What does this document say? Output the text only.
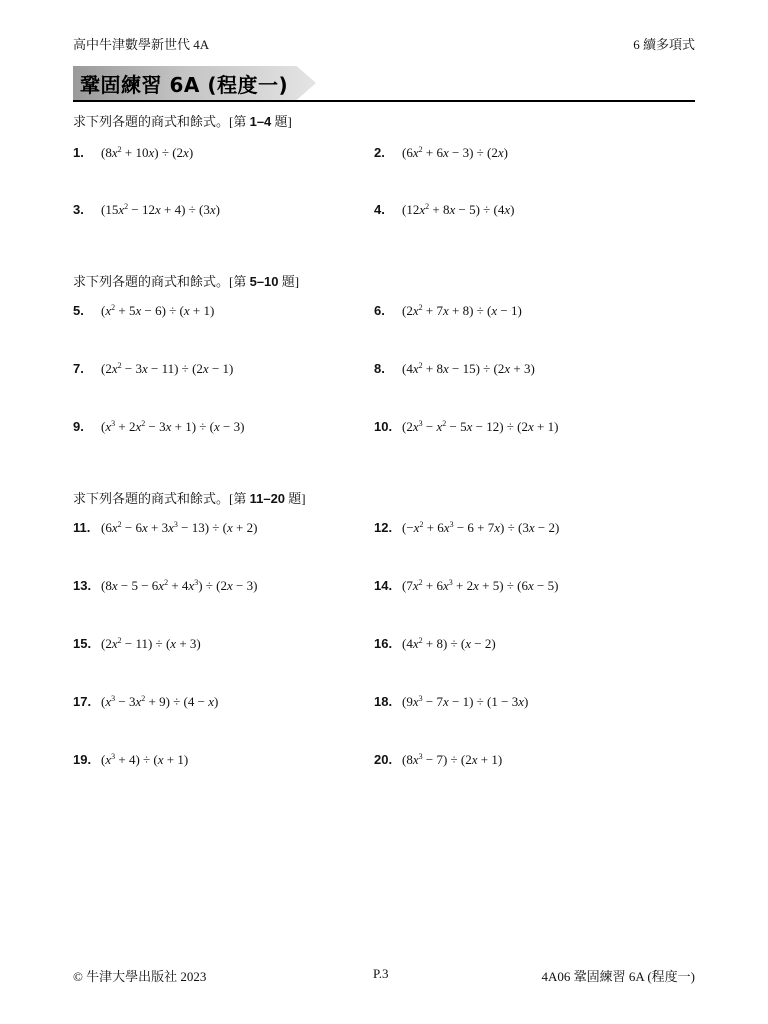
高中牛津數學新世代 4A	6 續多項式
鞏固練習 6A (程度一)
求下列各題的商式和餘式。[第 1–4 題]
求下列各題的商式和餘式。[第 5–10 題]
求下列各題的商式和餘式。[第 11–20 題]
1. $(8x^2 + 10x) \div (2x)$	2. $(6x^2 + 6x - 3) \div (2x)$
3. $(15x^2 - 12x + 4) \div (3x)$	4. $(12x^2 + 8x - 5) \div (4x)$
5. $(x^2 + 5x - 6) \div (x + 1)$	6. $(2x^2 + 7x + 8) \div (x - 1)$
7. $(2x^2 - 3x - 11) \div (2x - 1)$	8. $(4x^2 + 8x - 15) \div (2x + 3)$
9. $(x^3 + 2x^2 - 3x + 1) \div (x - 3)$	10. $(2x^3 - x^2 - 5x - 12) \div (2x + 1)$
11. $(6x^2 - 6x + 3x^3 - 13) \div (x + 2)$	12. $(-x^2 + 6x^3 - 6 + 7x) \div (3x - 2)$
13. $(8x - 5 - 6x^2 + 4x^3) \div (2x - 3)$	14. $(7x^2 + 6x^3 + 2x + 5) \div (6x - 5)$
15. $(2x^2 - 11) \div (x + 3)$	16. $(4x^2 + 8) \div (x - 2)$
17. $(x^3 - 3x^2 + 9) \div (4 - x)$	18. $(9x^3 - 7x - 1) \div (1 - 3x)$
19. $(x^3 + 4) \div (x + 1)$	20. $(8x^3 - 7) \div (2x + 1)$
© 牛津大學出版社 2023	P.3	4A06 鞏固練習 6A (程度一)
